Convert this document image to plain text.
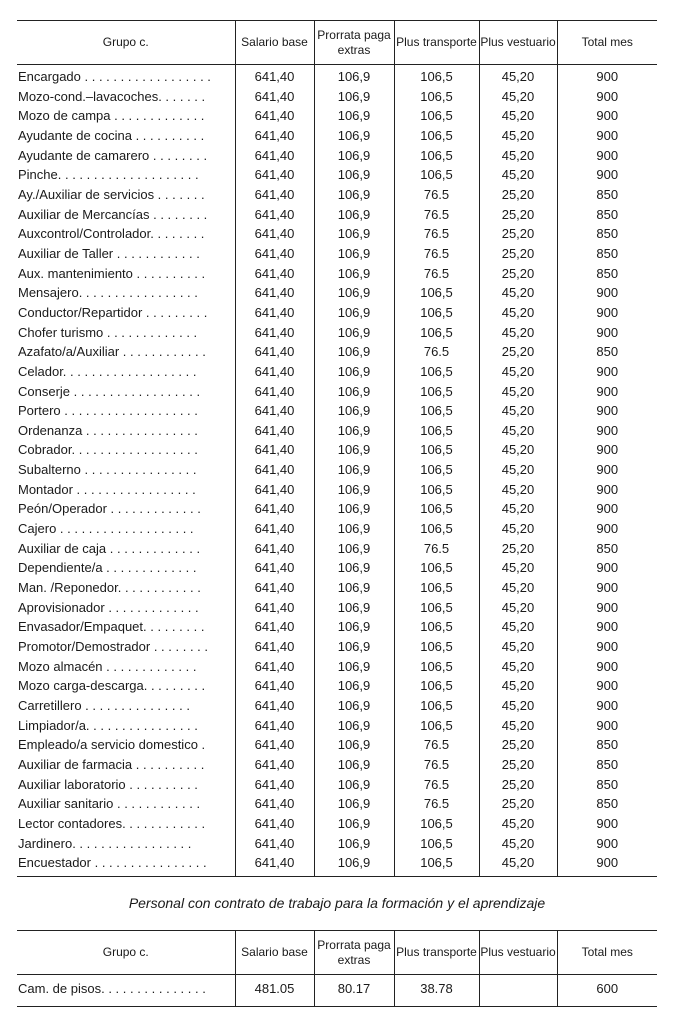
Grupo c.	Salario base	Prorrata paga extras	Plus transporte	Plus vestuario	Total mes
Encargado . . . . . . . . . . . . . . . . . .	641,40	106,9	106,5	45,20	900
Mozo-cond.–lavacoches. . . . . . .	641,40	106,9	106,5	45,20	900
Mozo de campa . . . . . . . . . . . . .	641,40	106,9	106,5	45,20	900
Ayudante de cocina . . . . . . . . . .	641,40	106,9	106,5	45,20	900
Ayudante de camarero . . . . . . . .	641,40	106,9	106,5	45,20	900
Pinche. . . . . . . . . . . . . . . . . . . .	641,40	106,9	106,5	45,20	900
Ay./Auxiliar de servicios . . . . . . .	641,40	106,9	76.5	25,20	850
Auxiliar de Mercancías . . . . . . . .	641,40	106,9	76.5	25,20	850
Auxcontrol/Controlador. . . . . . . .	641,40	106,9	76.5	25,20	850
Auxiliar de Taller . . . . . . . . . . . .	641,40	106,9	76.5	25,20	850
Aux. mantenimiento . . . . . . . . . .	641,40	106,9	76.5	25,20	850
Mensajero. . . . . . . . . . . . . . . . .	641,40	106,9	106,5	45,20	900
Conductor/Repartidor . . . . . . . . .	641,40	106,9	106,5	45,20	900
Chofer turismo . . . . . . . . . . . . .	641,40	106,9	106,5	45,20	900
Azafato/a/Auxiliar . . . . . . . . . . . .	641,40	106,9	76.5	25,20	850
Celador. . . . . . . . . . . . . . . . . . .	641,40	106,9	106,5	45,20	900
Conserje . . . . . . . . . . . . . . . . . .	641,40	106,9	106,5	45,20	900
Portero . . . . . . . . . . . . . . . . . . .	641,40	106,9	106,5	45,20	900
Ordenanza . . . . . . . . . . . . . . . .	641,40	106,9	106,5	45,20	900
Cobrador. . . . . . . . . . . . . . . . . .	641,40	106,9	106,5	45,20	900
Subalterno . . . . . . . . . . . . . . . .	641,40	106,9	106,5	45,20	900
Montador . . . . . . . . . . . . . . . . .	641,40	106,9	106,5	45,20	900
Peón/Operador . . . . . . . . . . . . .	641,40	106,9	106,5	45,20	900
Cajero . . . . . . . . . . . . . . . . . . .	641,40	106,9	106,5	45,20	900
Auxiliar de caja . . . . . . . . . . . . .	641,40	106,9	76.5	25,20	850
Dependiente/a . . . . . . . . . . . . .	641,40	106,9	106,5	45,20	900
Man. /Reponedor. . . . . . . . . . . .	641,40	106,9	106,5	45,20	900
Aprovisionador . . . . . . . . . . . . .	641,40	106,9	106,5	45,20	900
Envasador/Empaquet. . . . . . . . .	641,40	106,9	106,5	45,20	900
Promotor/Demostrador . . . . . . . .	641,40	106,9	106,5	45,20	900
Mozo almacén . . . . . . . . . . . . .	641,40	106,9	106,5	45,20	900
Mozo carga-descarga. . . . . . . . .	641,40	106,9	106,5	45,20	900
Carretillero . . . . . . . . . . . . . . .	641,40	106,9	106,5	45,20	900
Limpiador/a. . . . . . . . . . . . . . . .	641,40	106,9	106,5	45,20	900
Empleado/a servicio domestico .	641,40	106,9	76.5	25,20	850
Auxiliar de farmacia . . . . . . . . . .	641,40	106,9	76.5	25,20	850
Auxiliar laboratorio . . . . . . . . . .	641,40	106,9	76.5	25,20	850
Auxiliar sanitario . . . . . . . . . . . .	641,40	106,9	76.5	25,20	850
Lector contadores. . . . . . . . . . . .	641,40	106,9	106,5	45,20	900
Jardinero. . . . . . . . . . . . . . . . .	641,40	106,9	106,5	45,20	900
Encuestador . . . . . . . . . . . . . . . .	641,40	106,9	106,5	45,20	900
Personal con contrato de trabajo para la formación y el aprendizaje
Grupo c.	Salario base	Prorrata paga extras	Plus transporte	Plus vestuario	Total mes
Cam. de pisos. . . . . . . . . . . . . . .	481.05	80.17	38.78		600
